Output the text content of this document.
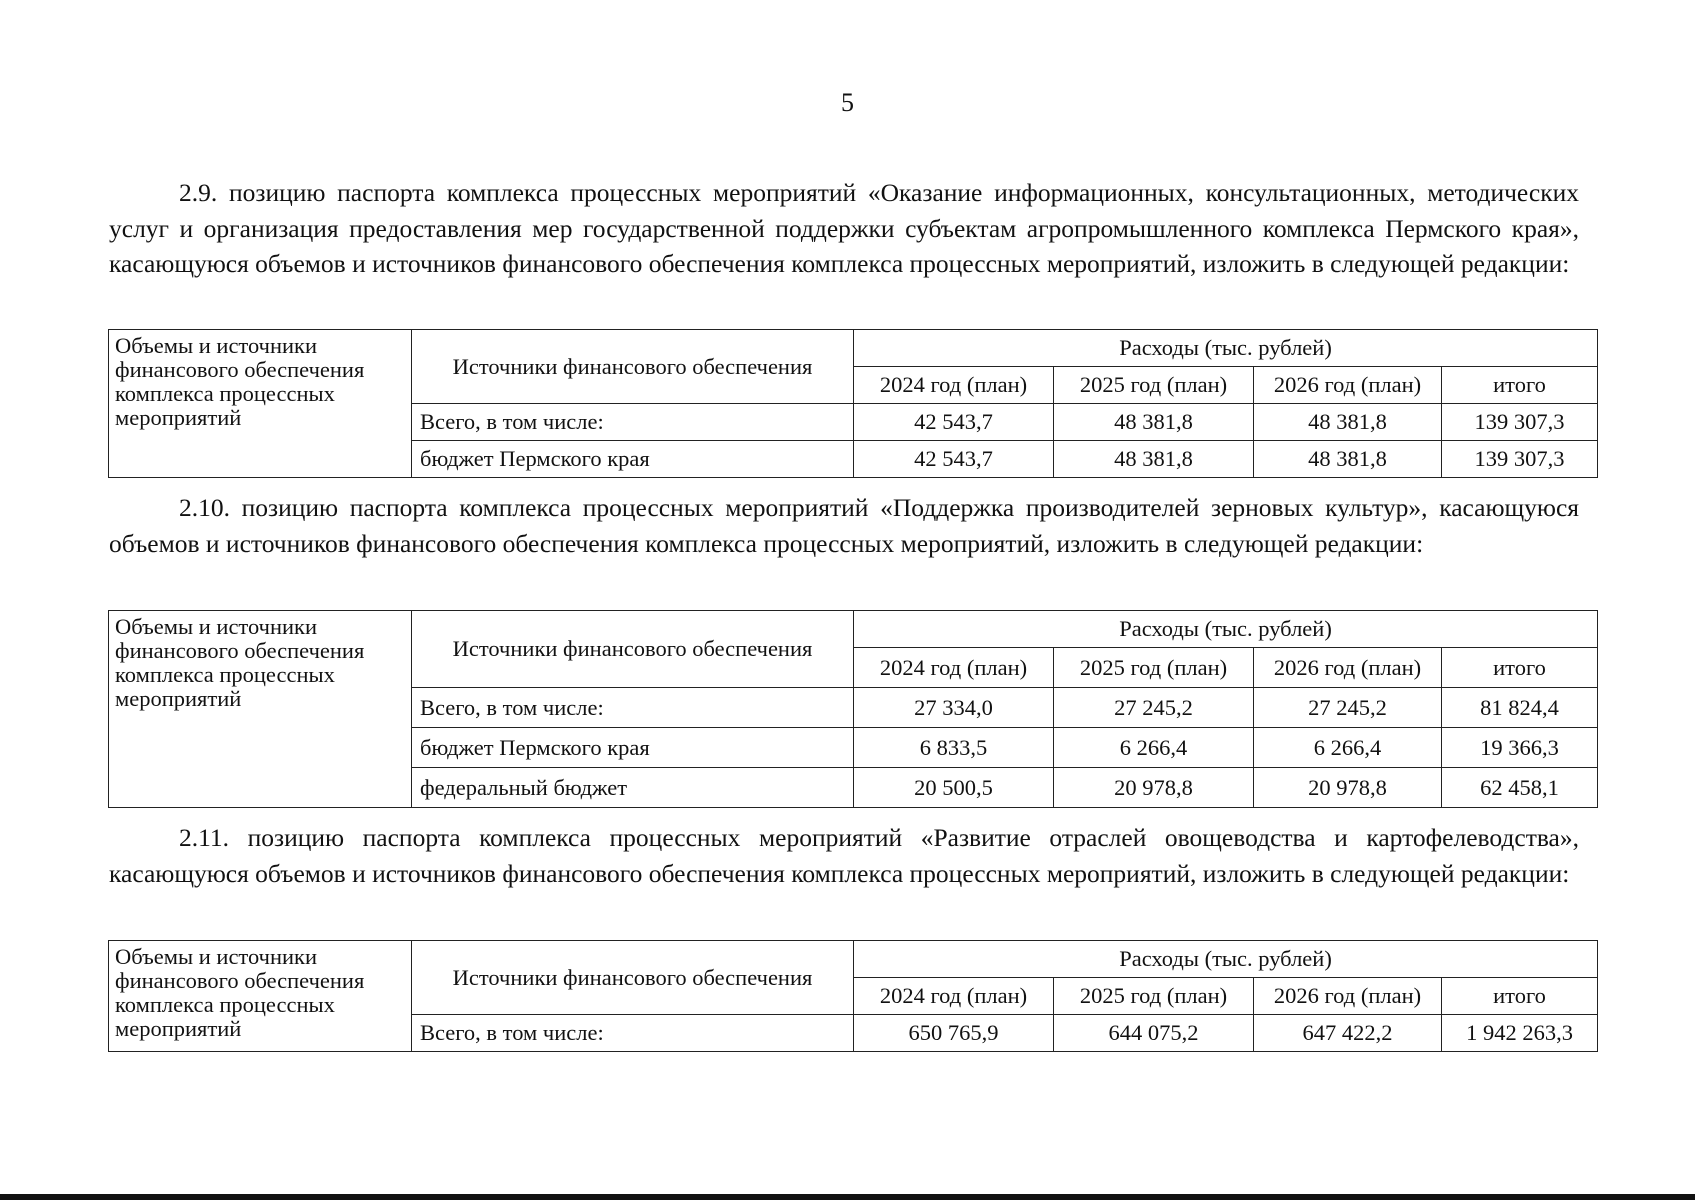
5

2.9. позицию паспорта комплекса процессных мероприятий «Оказание информационных, консультационных, методических услуг и организация предоставления мер государственной поддержки субъектам агропромышленного комплекса Пермского края», касающуюся объемов и источников финансового обеспечения комплекса процессных мероприятий, изложить в следующей редакции:

Объемы и источники финансового обеспечения комплекса процессных мероприятий	Источники финансового обеспечения	Расходы (тыс. рублей)			
		2024 год (план)	2025 год (план)	2026 год (план)	итого
	Всего, в том числе:	42 543,7	48 381,8	48 381,8	139 307,3
	бюджет Пермского края	42 543,7	48 381,8	48 381,8	139 307,3

2.10. позицию паспорта комплекса процессных мероприятий «Поддержка производителей зерновых культур», касающуюся объемов и источников финансового обеспечения комплекса процессных мероприятий, изложить в следующей редакции:

Объемы и источники финансового обеспечения комплекса процессных мероприятий	Источники финансового обеспечения	Расходы (тыс. рублей)			
		2024 год (план)	2025 год (план)	2026 год (план)	итого
	Всего, в том числе:	27 334,0	27 245,2	27 245,2	81 824,4
	бюджет Пермского края	6 833,5	6 266,4	6 266,4	19 366,3
	федеральный бюджет	20 500,5	20 978,8	20 978,8	62 458,1

2.11. позицию паспорта комплекса процессных мероприятий «Развитие отраслей овощеводства и картофелеводства», касающуюся объемов и источников финансового обеспечения комплекса процессных мероприятий, изложить в следующей редакции:

Объемы и источники финансового обеспечения комплекса процессных мероприятий	Источники финансового обеспечения	Расходы (тыс. рублей)			
		2024 год (план)	2025 год (план)	2026 год (план)	итого
	Всего, в том числе:	650 765,9	644 075,2	647 422,2	1 942 263,3
